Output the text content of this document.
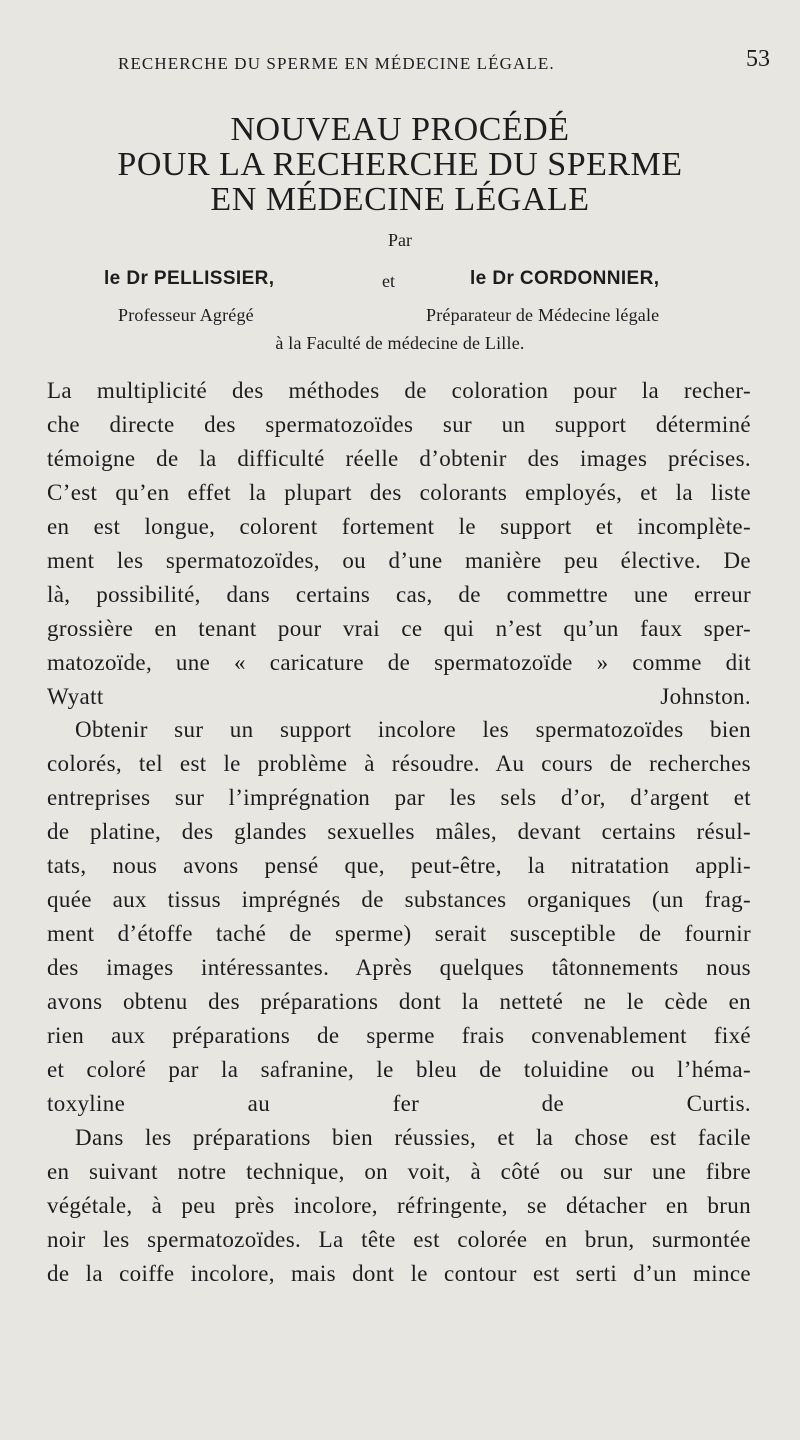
RECHERCHE DU SPERME EN MÉDECINE LÉGALE.	53
NOUVEAU PROCÉDÉ
POUR LA RECHERCHE DU SPERME
EN MÉDECINE LÉGALE
Par
le Dr PELLISSIER,	et	le Dr CORDONNIER,
Professeur Agrégé	Préparateur de Médecine légale
à la Faculté de médecine de Lille.
La multiplicité des méthodes de coloration pour la recher-
che directe des spermatozoïdes sur un support déterminé
témoigne de la difficulté réelle d’obtenir des images précises.
C’est qu’en effet la plupart des colorants employés, et la liste
en est longue, colorent fortement le support et incomplète-
ment les spermatozoïdes, ou d’une manière peu élective. De
là, possibilité, dans certains cas, de commettre une erreur
grossière en tenant pour vrai ce qui n’est qu’un faux sper-
matozoïde, une « caricature de spermatozoïde » comme dit
Wyatt Johnston.
Obtenir sur un support incolore les spermatozoïdes bien
colorés, tel est le problème à résoudre. Au cours de recherches
entreprises sur l’imprégnation par les sels d’or, d’argent et
de platine, des glandes sexuelles mâles, devant certains résul-
tats, nous avons pensé que, peut-être, la nitratation appli-
quée aux tissus imprégnés de substances organiques (un frag-
ment d’étoffe taché de sperme) serait susceptible de fournir
des images intéressantes. Après quelques tâtonnements nous
avons obtenu des préparations dont la netteté ne le cède en
rien aux préparations de sperme frais convenablement fixé
et coloré par la safranine, le bleu de toluidine ou l’héma-
toxyline au fer de Curtis.
Dans les préparations bien réussies, et la chose est facile
en suivant notre technique, on voit, à côté ou sur une fibre
végétale, à peu près incolore, réfringente, se détacher en brun
noir les spermatozoïdes. La tête est colorée en brun, surmontée
de la coiffe incolore, mais dont le contour est serti d’un mince
